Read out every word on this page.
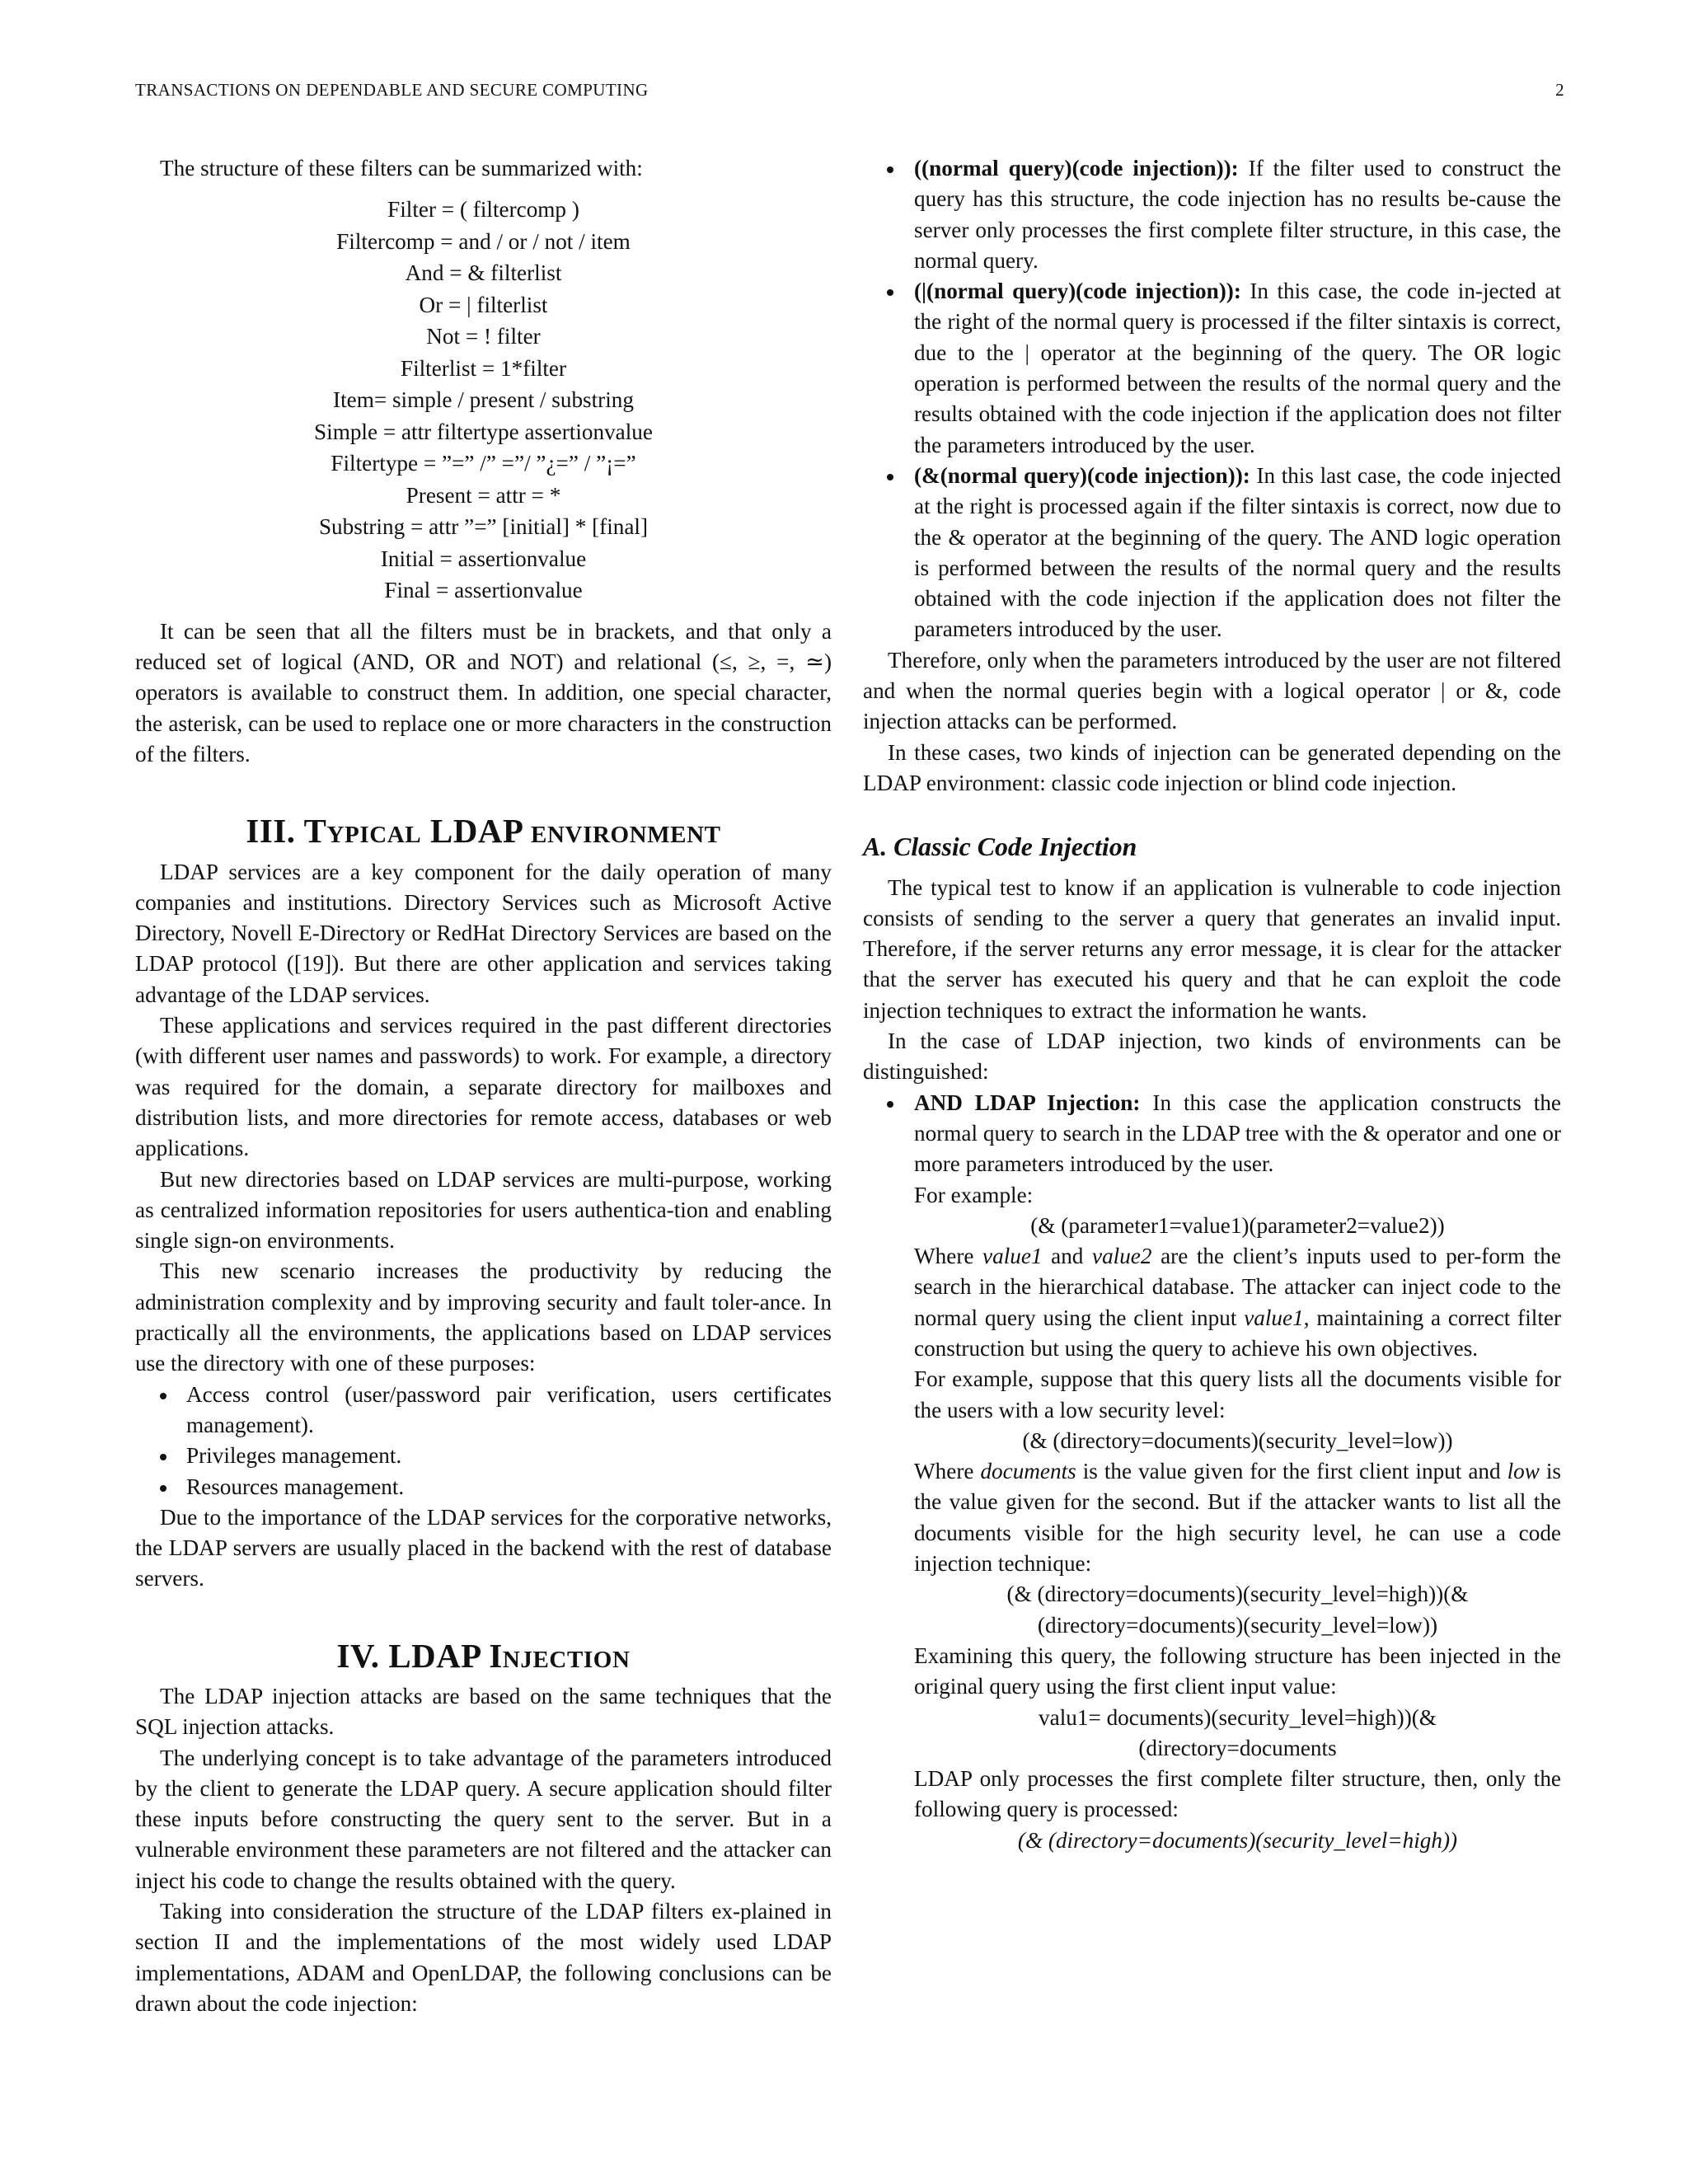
TRANSACTIONS ON DEPENDABLE AND SECURE COMPUTING	2

The structure of these filters can be summarized with:

Filter = ( filtercomp )
Filtercomp = and / or / not / item
And = & filterlist
Or = | filterlist
Not = ! filter
Filterlist = 1*filter
Item= simple / present / substring
Simple = attr filtertype assertionvalue
Filtertype = ”=” /” =”/ ”¿=” / ”¡=”
Present = attr = *
Substring = attr ”=” [initial] * [final]
Initial = assertionvalue
Final = assertionvalue

It can be seen that all the filters must be in brackets, and that only a reduced set of logical (AND, OR and NOT) and relational (≤, ≥, =, ≃) operators is available to construct them. In addition, one special character, the asterisk, can be used to replace one or more characters in the construction of the filters.

III. Typical LDAP environment

LDAP services are a key component for the daily operation of many companies and institutions. Directory Services such as Microsoft Active Directory, Novell E-Directory or RedHat Directory Services are based on the LDAP protocol ([19]). But there are other application and services taking advantage of the LDAP services.

These applications and services required in the past different directories (with different user names and passwords) to work. For example, a directory was required for the domain, a separate directory for mailboxes and distribution lists, and more directories for remote access, databases or web applications.

But new directories based on LDAP services are multi-purpose, working as centralized information repositories for users authentica-tion and enabling single sign-on environments.

This new scenario increases the productivity by reducing the administration complexity and by improving security and fault toler-ance. In practically all the environments, the applications based on LDAP services use the directory with one of these purposes:

Access control (user/password pair verification, users certificates management).
Privileges management.
Resources management.

Due to the importance of the LDAP services for the corporative networks, the LDAP servers are usually placed in the backend with the rest of database servers.

IV. LDAP Injection

The LDAP injection attacks are based on the same techniques that the SQL injection attacks.

The underlying concept is to take advantage of the parameters introduced by the client to generate the LDAP query. A secure application should filter these inputs before constructing the query sent to the server. But in a vulnerable environment these parameters are not filtered and the attacker can inject his code to change the results obtained with the query.

Taking into consideration the structure of the LDAP filters ex-plained in section II and the implementations of the most widely used LDAP implementations, ADAM and OpenLDAP, the following conclusions can be drawn about the code injection:

((normal query)(code injection)): If the filter used to construct the query has this structure, the code injection has no results be-cause the server only processes the first complete filter structure, in this case, the normal query.
(|(normal query)(code injection)): In this case, the code in-jected at the right of the normal query is processed if the filter sintaxis is correct, due to the | operator at the beginning of the query. The OR logic operation is performed between the results of the normal query and the results obtained with the code injection if the application does not filter the parameters introduced by the user.
(&(normal query)(code injection)): In this last case, the code injected at the right is processed again if the filter sintaxis is correct, now due to the & operator at the beginning of the query. The AND logic operation is performed between the results of the normal query and the results obtained with the code injection if the application does not filter the parameters introduced by the user.

Therefore, only when the parameters introduced by the user are not filtered and when the normal queries begin with a logical operator | or &, code injection attacks can be performed.

In these cases, two kinds of injection can be generated depending on the LDAP environment: classic code injection or blind code injection.

A. Classic Code Injection

The typical test to know if an application is vulnerable to code injection consists of sending to the server a query that generates an invalid input. Therefore, if the server returns any error message, it is clear for the attacker that the server has executed his query and that he can exploit the code injection techniques to extract the information he wants.

In the case of LDAP injection, two kinds of environments can be distinguished:

AND LDAP Injection: In this case the application constructs the normal query to search in the LDAP tree with the & operator and one or more parameters introduced by the user.

For example:

(& (parameter1=value1)(parameter2=value2))

Where value1 and value2 are the client’s inputs used to per-form the search in the hierarchical database. The attacker can inject code to the normal query using the client input value1, maintaining a correct filter construction but using the query to achieve his own objectives.

For example, suppose that this query lists all the documents visible for the users with a low security level:

(& (directory=documents)(security_level=low))

Where documents is the value given for the first client input and low is the value given for the second. But if the attacker wants to list all the documents visible for the high security level, he can use a code injection technique:

(& (directory=documents)(security_level=high))(&
(directory=documents)(security_level=low))

Examining this query, the following structure has been injected in the original query using the first client input value:

valu1= documents)(security_level=high))(&
(directory=documents

LDAP only processes the first complete filter structure, then, only the following query is processed:

(& (directory=documents)(security_level=high))
